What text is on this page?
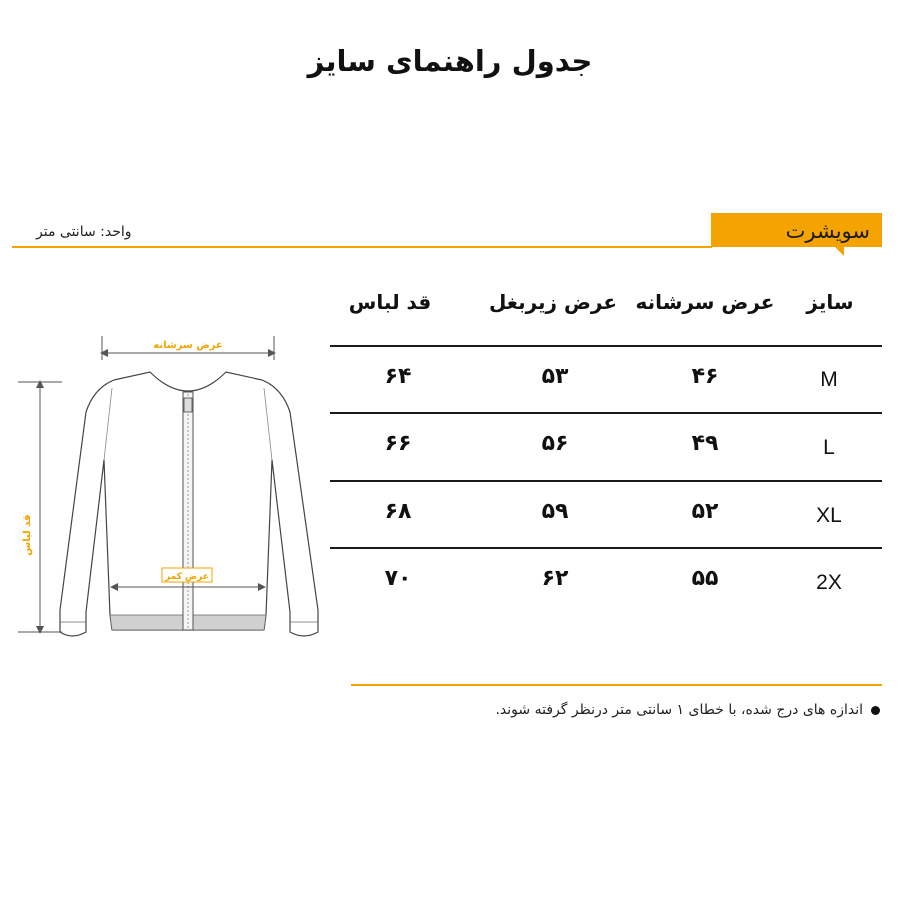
جدول راهنمای سایز
سویشرت
واحد: سانتی متر
سایز
عرض سرشانه
عرض زیربغل
قد لباس
M
۴۶
۵۳
۶۴
L
۴۹
۵۶
۶۶
XL
۵۲
۵۹
۶۸
2X
۵۵
۶۲
۷۰
عرض سرشانه
قد لباس
عرض کمر
اندازه های درج شده، با خطای ۱ سانتی متر درنظر گرفته شوند.
